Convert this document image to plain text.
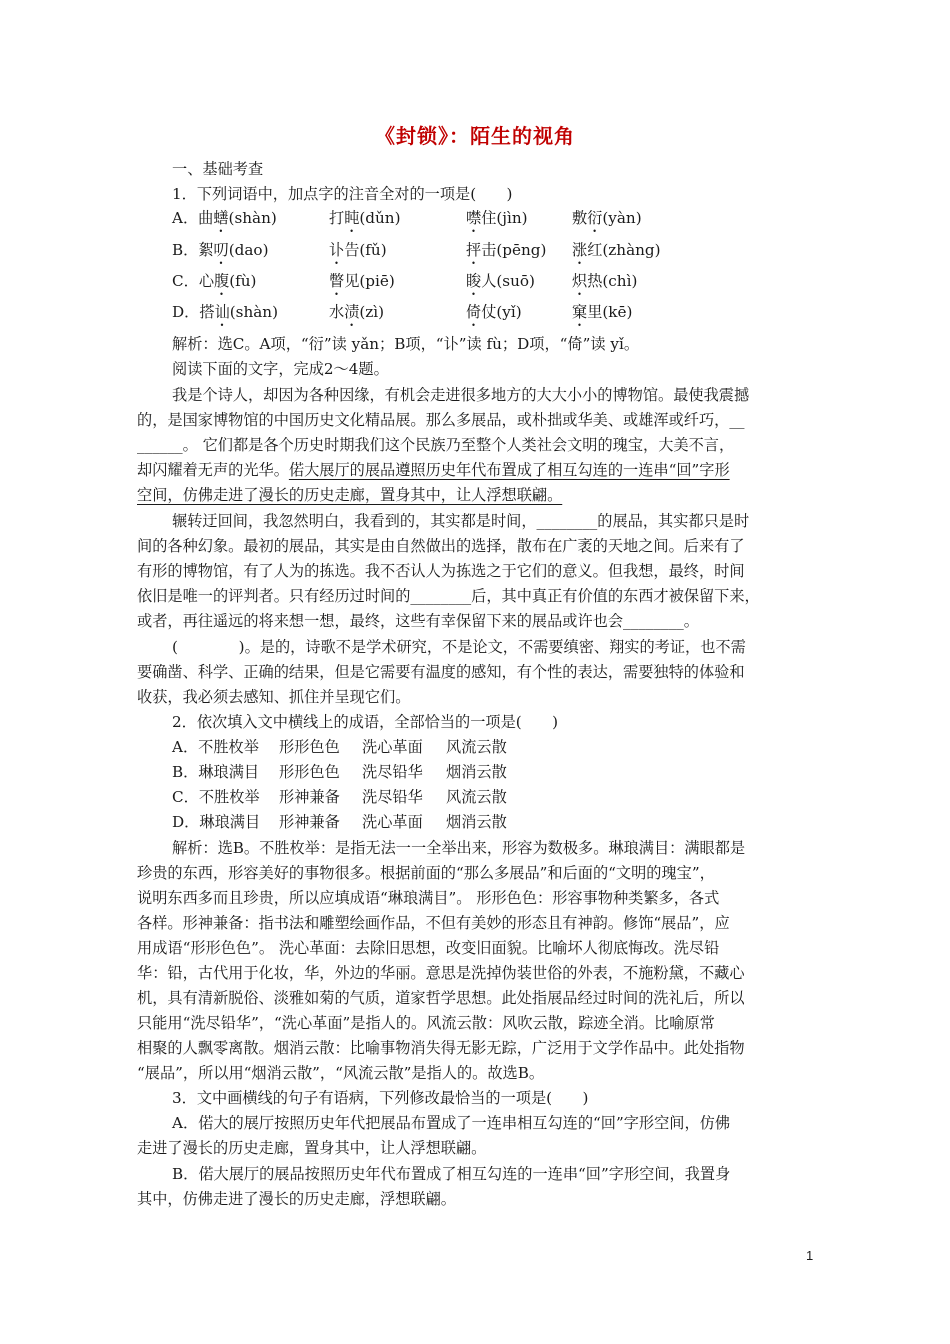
《封锁》：陌生的视角
一、基础考查
1．下列词语中，加点字的注音全对的一项是(　　)
A．曲蟮(shàn)	打盹(dǔn)	噤住(jìn)	敷衍(yàn)
B．絮叨(dao)	讣告(fǔ)	抨击(pēng) 涨红(zhàng)
C．心腹(fù)	瞥见(piē)	睃人(suō) 炽热(chì)
D．搭讪(shàn)	水渍(zì)	倚仗(yǐ)	窠里(kē)
解析：选C。A项，“衍”读 yǎn；B项，“讣”读 fù；D项，“倚”读 yǐ。
阅读下面的文字，完成2～4题。
我是个诗人，却因为各种因缘，有机会走进很多地方的大大小小的博物馆。最使我震撼
的，是国家博物馆的中国历史文化精品展。那么多展品，或朴拙或华美、或雄浑或纤巧，__
______。 它们都是各个历史时期我们这个民族乃至整个人类社会文明的瑰宝，大美不言，
却闪耀着无声的光华。偌大展厅的展品遵照历史年代布置成了相互勾连的一连串“回”字形
空间，仿佛走进了漫长的历史走廊，置身其中，让人浮想联翩。
辗转迂回间，我忽然明白，我看到的，其实都是时间，________的展品，其实都只是时
间的各种幻象。最初的展品，其实是由自然做出的选择，散布在广袤的天地之间。后来有了
有形的博物馆，有了人为的拣选。我不否认人为拣选之于它们的意义。但我想，最终，时间
依旧是唯一的评判者。只有经历过时间的________后，其中真正有价值的东西才被保留下来，
或者，再往遥远的将来想一想，最终，这些有幸保留下来的展品或许也会________。
(　　　　)。是的，诗歌不是学术研究，不是论文，不需要缜密、翔实的考证，也不需
要确凿、科学、正确的结果，但是它需要有温度的感知，有个性的表达，需要独特的体验和
收获，我必须去感知、抓住并呈现它们。
2．依次填入文中横线上的成语，全部恰当的一项是(　　)
A．不胜枚举 形形色色 洗心革面 风流云散
B．琳琅满目 形形色色 洗尽铅华 烟消云散
C．不胜枚举 形神兼备 洗尽铅华 风流云散
D．琳琅满目 形神兼备 洗心革面 烟消云散
解析：选B。不胜枚举：是指无法一一全举出来，形容为数极多。琳琅满目：满眼都是
珍贵的东西，形容美好的事物很多。根据前面的“那么多展品”和后面的“文明的瑰宝”，
说明东西多而且珍贵，所以应填成语“琳琅满目”。 形形色色：形容事物种类繁多，各式
各样。形神兼备：指书法和雕塑绘画作品，不但有美妙的形态且有神韵。修饰“展品”，应
用成语“形形色色”。 洗心革面：去除旧思想，改变旧面貌。比喻坏人彻底悔改。洗尽铅
华：铅，古代用于化妆，华，外边的华丽。意思是洗掉伪装世俗的外表，不施粉黛，不藏心
机，具有清新脱俗、淡雅如菊的气质，道家哲学思想。此处指展品经过时间的洗礼后，所以
只能用“洗尽铅华”，“洗心革面”是指人的。风流云散：风吹云散，踪迹全消。比喻原常
相聚的人飘零离散。烟消云散：比喻事物消失得无影无踪，广泛用于文学作品中。此处指物
“展品”，所以用“烟消云散”，“风流云散”是指人的。故选B。
3．文中画横线的句子有语病，下列修改最恰当的一项是(　　)
A．偌大的展厅按照历史年代把展品布置成了一连串相互勾连的“回”字形空间，仿佛
走进了漫长的历史走廊，置身其中，让人浮想联翩。
B．偌大展厅的展品按照历史年代布置成了相互勾连的一连串“回”字形空间，我置身
其中，仿佛走进了漫长的历史走廊，浮想联翩。
1
